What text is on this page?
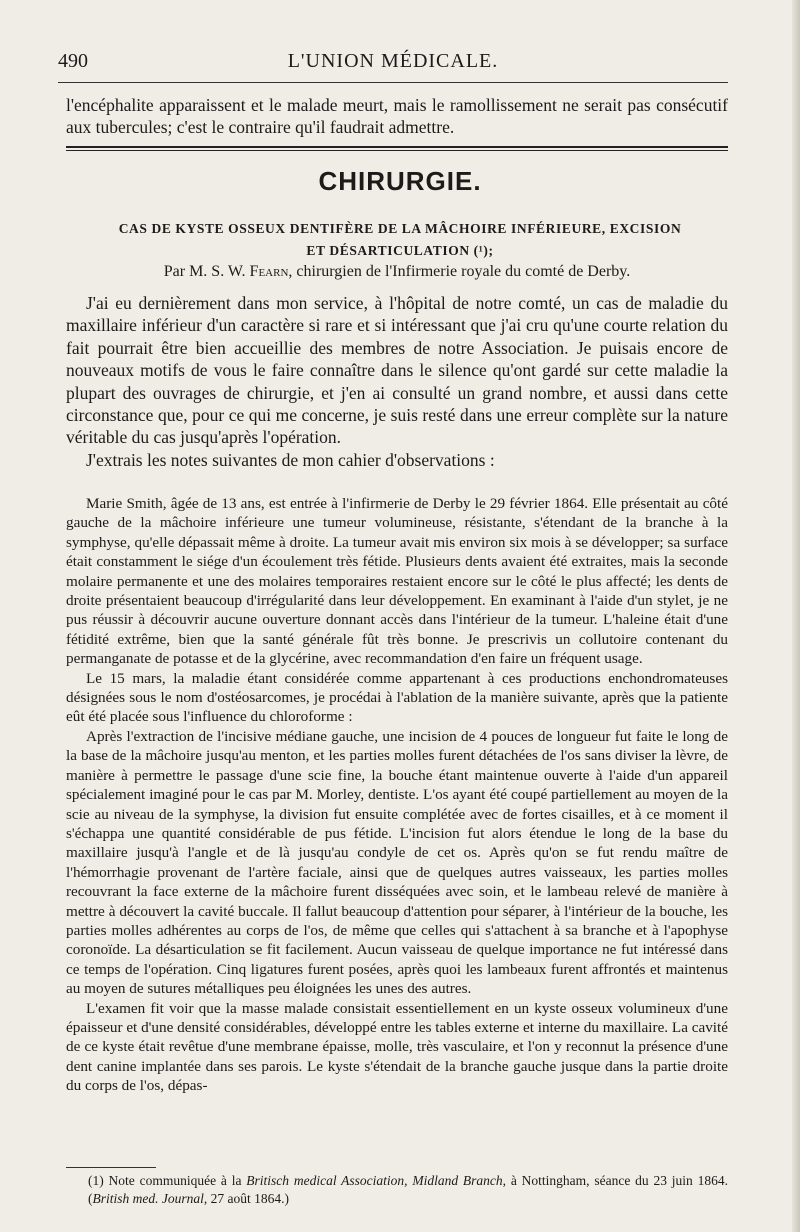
490	L'UNION MÉDICALE.
l'encéphalite apparaissent et le malade meurt, mais le ramollissement ne serait pas consécutif aux tubercules; c'est le contraire qu'il faudrait admettre.
CHIRURGIE.
CAS DE KYSTE OSSEUX DENTIFÈRE DE LA MÂCHOIRE INFÉRIEURE, EXCISION
ET DÉSARTICULATION (¹);
Par M. S. W. Fearn, chirurgien de l'Infirmerie royale du comté de Derby.

J'ai eu dernièrement dans mon service, à l'hôpital de notre comté, un cas de maladie du maxillaire inférieur d'un caractère si rare et si intéressant que j'ai cru qu'une courte relation du fait pourrait être bien accueillie des membres de notre Association. Je puisais encore de nouveaux motifs de vous le faire connaître dans le silence qu'ont gardé sur cette maladie la plupart des ouvrages de chirurgie, et j'en ai consulté un grand nombre, et aussi dans cette circonstance que, pour ce qui me concerne, je suis resté dans une erreur complète sur la nature véritable du cas jusqu'après l'opération.

J'extrais les notes suivantes de mon cahier d'observations :

Marie Smith, âgée de 13 ans, est entrée à l'infirmerie de Derby le 29 février 1864. Elle présentait au côté gauche de la mâchoire inférieure une tumeur volumineuse, résistante, s'étendant de la branche à la symphyse, qu'elle dépassait même à droite. La tumeur avait mis environ six mois à se développer; sa surface était constamment le siége d'un écoulement très fétide. Plusieurs dents avaient été extraites, mais la seconde molaire permanente et une des molaires temporaires restaient encore sur le côté le plus affecté; les dents de droite présentaient beaucoup d'irrégularité dans leur développement. En examinant à l'aide d'un stylet, je ne pus réussir à découvrir aucune ouverture donnant accès dans l'intérieur de la tumeur. L'haleine était d'une fétidité extrême, bien que la santé générale fût très bonne. Je prescrivis un collutoire contenant du permanganate de potasse et de la glycérine, avec recommandation d'en faire un fréquent usage.

Le 15 mars, la maladie étant considérée comme appartenant à ces productions enchondromateuses désignées sous le nom d'ostéosarcomes, je procédai à l'ablation de la manière suivante, après que la patiente eût été placée sous l'influence du chloroforme :

Après l'extraction de l'incisive médiane gauche, une incision de 4 pouces de longueur fut faite le long de la base de la mâchoire jusqu'au menton, et les parties molles furent détachées de l'os sans diviser la lèvre, de manière à permettre le passage d'une scie fine, la bouche étant maintenue ouverte à l'aide d'un appareil spécialement imaginé pour le cas par M. Morley, dentiste. L'os ayant été coupé partiellement au moyen de la scie au niveau de la symphyse, la division fut ensuite complétée avec de fortes cisailles, et à ce moment il s'échappa une quantité considérable de pus fétide. L'incision fut alors étendue le long de la base du maxillaire jusqu'à l'angle et de là jusqu'au condyle de cet os. Après qu'on se fut rendu maître de l'hémorrhagie provenant de l'artère faciale, ainsi que de quelques autres vaisseaux, les parties molles recouvrant la face externe de la mâchoire furent disséquées avec soin, et le lambeau relevé de manière à mettre à découvert la cavité buccale. Il fallut beaucoup d'attention pour séparer, à l'intérieur de la bouche, les parties molles adhérentes au corps de l'os, de même que celles qui s'attachent à sa branche et à l'apophyse coronoïde. La désarticulation se fit facilement. Aucun vaisseau de quelque importance ne fut intéressé dans ce temps de l'opération. Cinq ligatures furent posées, après quoi les lambeaux furent affrontés et maintenus au moyen de sutures métalliques peu éloignées les unes des autres.

L'examen fit voir que la masse malade consistait essentiellement en un kyste osseux volumineux d'une épaisseur et d'une densité considérables, développé entre les tables externe et interne du maxillaire. La cavité de ce kyste était revêtue d'une membrane épaisse, molle, très vasculaire, et l'on y reconnut la présence d'une dent canine implantée dans ses parois. Le kyste s'étendait de la branche gauche jusque dans la partie droite du corps de l'os, dépas-

(1) Note communiquée à la Britisch medical Association, Midland Branch, à Nottingham, séance du 23 juin 1864. (British med. Journal, 27 août 1864.)
